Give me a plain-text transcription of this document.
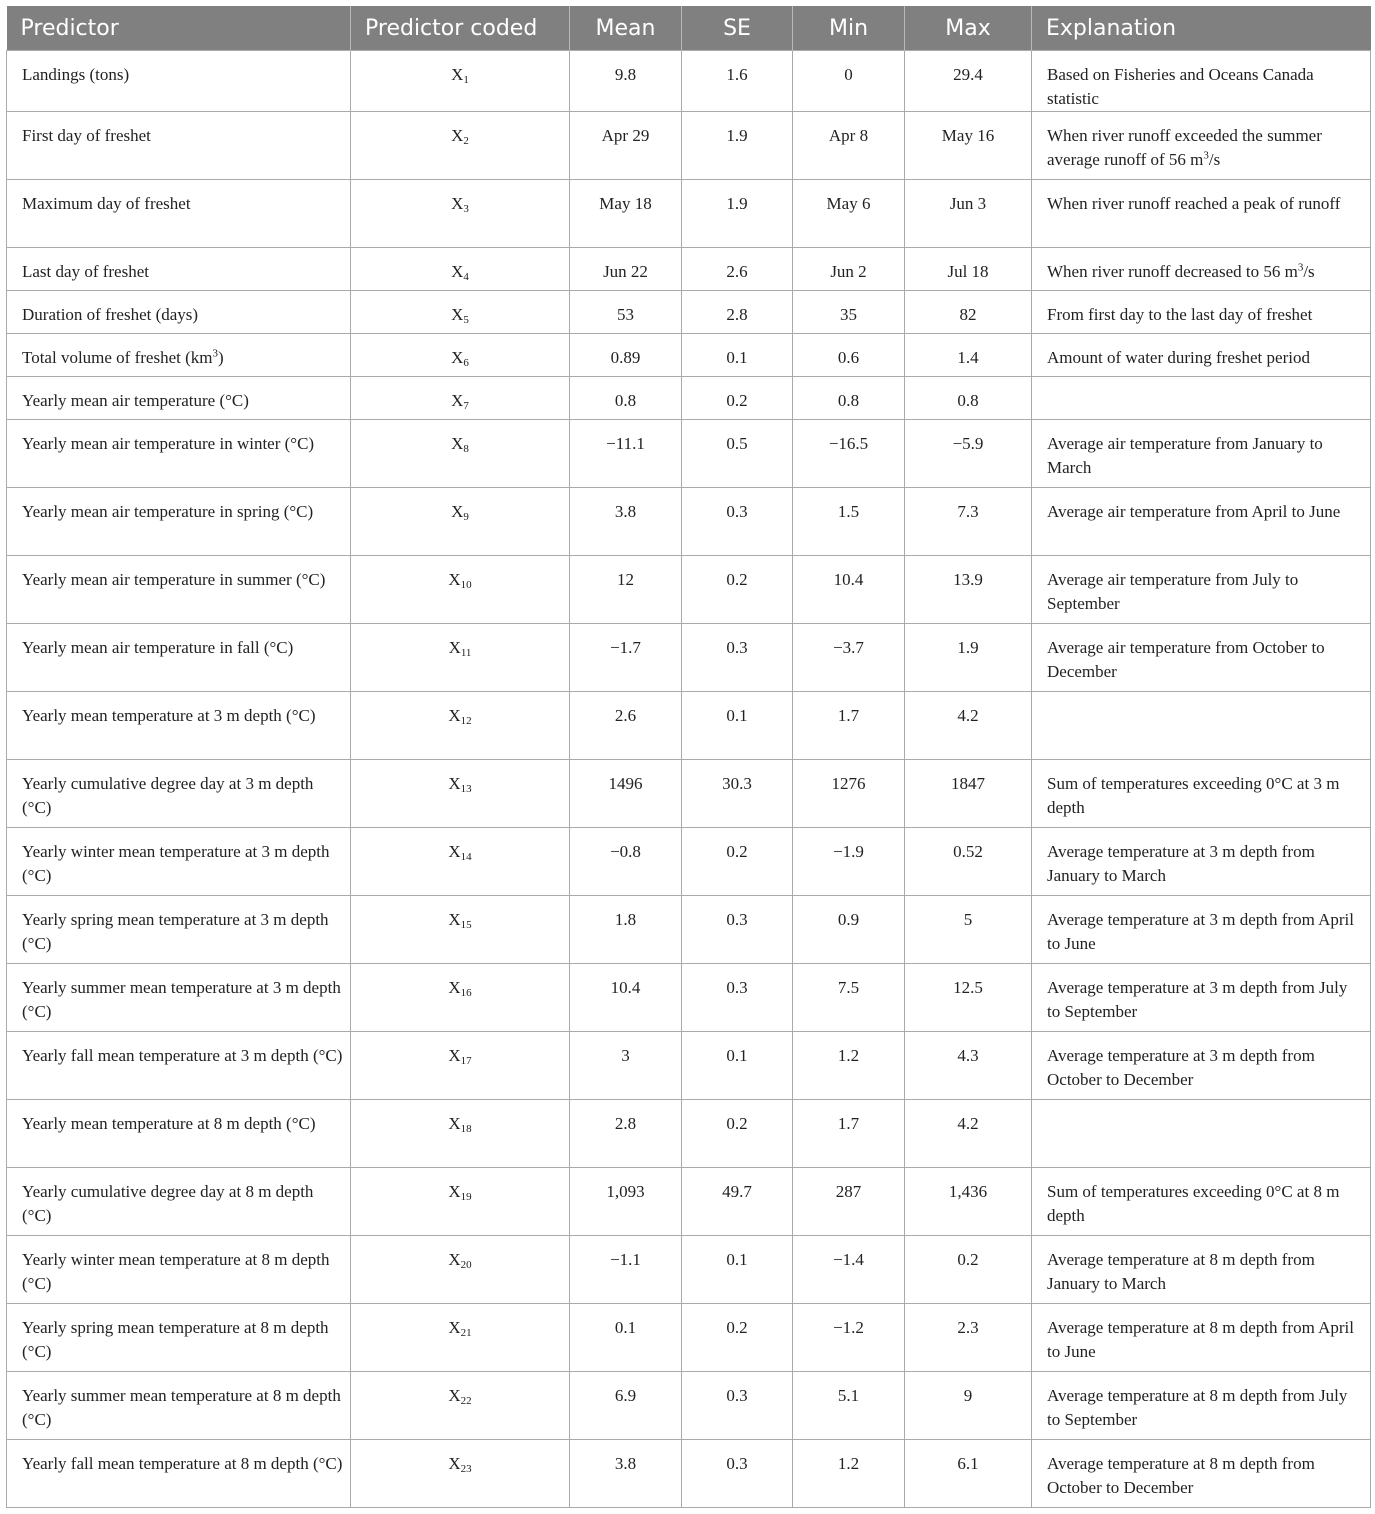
Predictor	Predictor coded	Mean	SE	Min	Max	Explanation
Landings (tons)	$X_1$	9.8	1.6	0	29.4	Based on Fisheries and Oceans Canada statistic
First day of freshet	$X_2$	Apr 29	1.9	Apr 8	May 16	When river runoff exceeded the summer average runoff of 56 $m^3/s$
Maximum day of freshet	$X_3$	May 18	1.9	May 6	Jun 3	When river runoff reached a peak of runoff
Last day of freshet	$X_4$	Jun 22	2.6	Jun 2	Jul 18	When river runoff decreased to 56 $m^3/s$
Duration of freshet (days)	$X_5$	53	2.8	35	82	From first day to the last day of freshet
Total volume of freshet $(km^3)$	$X_6$	0.89	0.1	0.6	1.4	Amount of water during freshet period
Yearly mean air temperature (°C)	$X_7$	0.8	0.2	0.8	0.8	
Yearly mean air temperature in winter (°C)	$X_8$	−11.1	0.5	−16.5	−5.9	Average air temperature from January to March
Yearly mean air temperature in spring (°C)	$X_9$	3.8	0.3	1.5	7.3	Average air temperature from April to June
Yearly mean air temperature in summer (°C)	$X_{10}$	12	0.2	10.4	13.9	Average air temperature from July to September
Yearly mean air temperature in fall (°C)	$X_{11}$	−1.7	0.3	−3.7	1.9	Average air temperature from October to December
Yearly mean temperature at 3 m depth (°C)	$X_{12}$	2.6	0.1	1.7	4.2	
Yearly cumulative degree day at 3 m depth (°C)	$X_{13}$	1496	30.3	1276	1847	Sum of temperatures exceeding 0°C at 3 m depth
Yearly winter mean temperature at 3 m depth (°C)	$X_{14}$	−0.8	0.2	−1.9	0.52	Average temperature at 3 m depth from January to March
Yearly spring mean temperature at 3 m depth (°C)	$X_{15}$	1.8	0.3	0.9	5	Average temperature at 3 m depth from April to June
Yearly summer mean temperature at 3 m depth (°C)	$X_{16}$	10.4	0.3	7.5	12.5	Average temperature at 3 m depth from July to September
Yearly fall mean temperature at 3 m depth (°C)	$X_{17}$	3	0.1	1.2	4.3	Average temperature at 3 m depth from October to December
Yearly mean temperature at 8 m depth (°C)	$X_{18}$	2.8	0.2	1.7	4.2	
Yearly cumulative degree day at 8 m depth (°C)	$X_{19}$	1,093	49.7	287	1,436	Sum of temperatures exceeding 0°C at 8 m depth
Yearly winter mean temperature at 8 m depth (°C)	$X_{20}$	−1.1	0.1	−1.4	0.2	Average temperature at 8 m depth from January to March
Yearly spring mean temperature at 8 m depth (°C)	$X_{21}$	0.1	0.2	−1.2	2.3	Average temperature at 8 m depth from April to June
Yearly summer mean temperature at 8 m depth (°C)	$X_{22}$	6.9	0.3	5.1	9	Average temperature at 8 m depth from July to September
Yearly fall mean temperature at 8 m depth (°C)	$X_{23}$	3.8	0.3	1.2	6.1	Average temperature at 8 m depth from October to December
